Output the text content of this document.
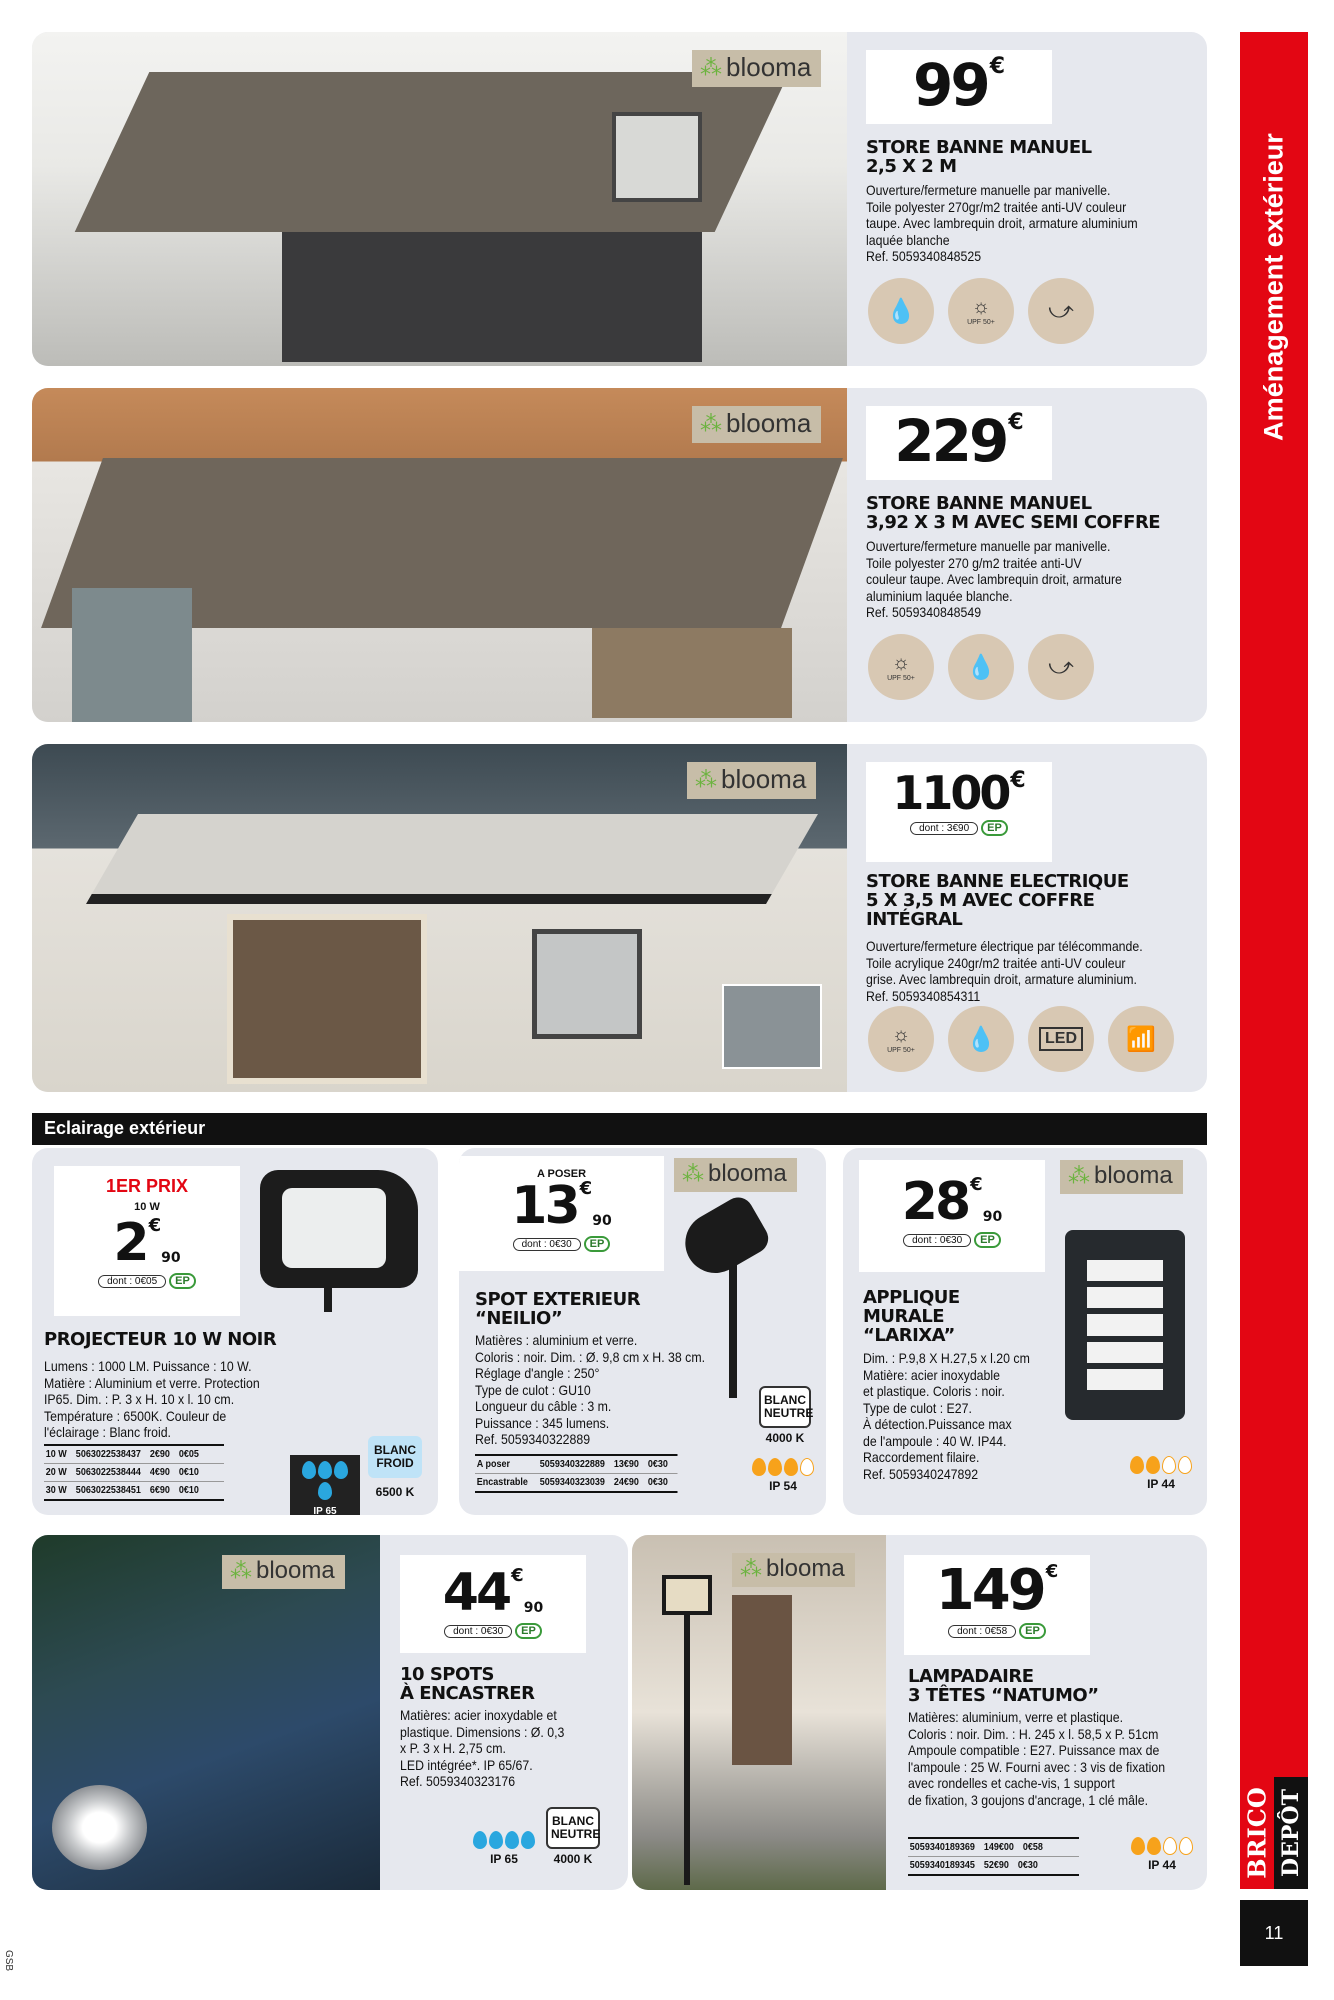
Aménagement extérieur
BRICO DEPÔT
11
GSB
⁂ blooma	99€
STORE BANNE MANUEL
2,5 X 2 M
Ouverture/fermeture manuelle par manivelle.
Toile polyester 270gr/m2 traitée anti-UV couleur
taupe. Avec lambrequin droit, armature aluminium
laquée blanche
Ref. 5059340848525
💧	☼
UPF 50+	⤻
⁂ blooma	229€
STORE BANNE MANUEL
3,92 X 3 M AVEC SEMI COFFRE
Ouverture/fermeture manuelle par manivelle.
Toile polyester 270 g/m2 traitée anti-UV
couleur taupe. Avec lambrequin droit, armature
aluminium laquée blanche.
Ref. 5059340848549
☼
UPF 50+	💧	⤻
⁂ blooma	1100€

dont : 3€90	EP
STORE BANNE ELECTRIQUE
5 X 3,5 M AVEC COFFRE
INTÉGRAL
Ouverture/fermeture électrique par télécommande.
Toile acrylique 240gr/m2 traitée anti-UV couleur
grise. Avec lambrequin droit, armature aluminium.
Ref. 5059340854311
☼
UPF 50+	💧	LED	📶
Eclairage extérieur
1ER PRIX
10 W
2 €90

dont : 0€05	EP
PROJECTEUR 10 W NOIR
Lumens : 1000 LM. Puissance : 10 W.
Matière : Aluminium et verre. Protection
IP65. Dim. : P. 3 x H. 10 x l. 10 cm.
Température : 6500K. Couleur de
l'éclairage : Blanc froid.
10 W 5063022538437 2€90 0€05
20 W 5063022538444 4€90 0€10
30 W 5063022538451 6€90 0€10
IP 65
BLANC FROID
6500 K
A POSER
13 €90

dont : 0€30	EP
⁂ blooma
SPOT EXTERIEUR
“NEILIO”
Matières : aluminium et verre.
Coloris : noir. Dim. : Ø. 9,8 cm x H. 38 cm.
Réglage d'angle : 250°
Type de culot : GU10
Longueur du câble : 3 m.
Puissance : 345 lumens.
Ref. 5059340322889
A poser	5059340322889 13€90 0€30
Encastrable 5059340323039 24€90 0€30
BLANC NEUTRE
4000 K
IP 54
28 €90

dont : 0€30	EP
⁂ blooma
APPLIQUE
MURALE
“LARIXA”
Dim. : P.9,8 X H.27,5 x l.20 cm
Matière: acier inoxydable
et plastique. Coloris : noir.
Type de culot : E27.
À détection.Puissance max
de l'ampoule : 40 W. IP44.
Raccordement filaire.
Ref. 5059340247892
IP 44
⁂ blooma	44 €90

dont : 0€30	EP
10 SPOTS
À ENCASTRER
Matières: acier inoxydable et
plastique. Dimensions : Ø. 0,3
x P. 3 x H. 2,75 cm.
LED intégrée*. IP 65/67.
Ref. 5059340323176
IP 65
BLANC NEUTRE
4000 K
⁂ blooma	149 €

dont : 0€58	EP
LAMPADAIRE
3 TÊTES “NATUMO”
Matières: aluminium, verre et plastique.
Coloris : noir. Dim. : H. 245 x l. 58,5 x P. 51cm
Ampoule compatible : E27. Puissance max de
l'ampoule : 25 W. Fourni avec : 3 vis de fixation
avec rondelles et cache-vis, 1 support
de fixation, 3 goujons d'ancrage, 1 clé mâle.
5059340189369 149€00 0€58
5059340189345 52€90 0€30	IP 44
